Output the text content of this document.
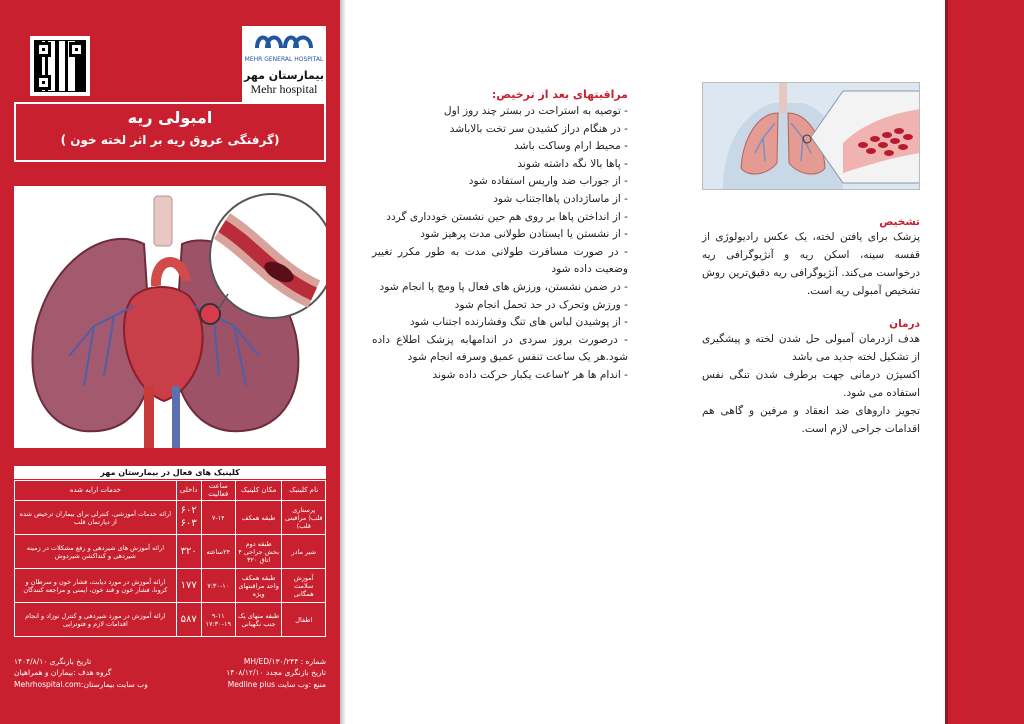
MEHR GENERAL HOSPITAL
بیمارستان مهر
Mehr hospital
امبولی ریه
(گرفتگی عروق ریه بر اثر لخته خون )
کلینیک های فعال در بیمارستان مهر
نام کلینیک	مکان کلینیک	ساعت فعالیت	داخلی	خدمات ارایه شده
پرستاری قلب( مراقبتی قلب)	طبقه همکف	۷-۱۴	۶۰۲ ۶۰۳	ارائه خدمات آموزشی، کنترلی برای بیماران ترخیص شده از دپارتمان قلب
شیر مادر	طبقه دوم بخش جراحی ۴ اتاق ۳۲۰	۲۴ساعته	۳۲۰	ارائه آموزش های شیردهی و رفع مشکلات در زمینه شیردهی و کنداکشن شیردوش
آموزش سلامت همگانی	طبقه همکف واحد مراقبتهای ویژه	۷:۳۰-۱۰	۱۷۷	ارائه آموزش در مورد دیابت، فشار خون و سرطان و کرونا، فشار خون و قند خون، ایمنی و مراجعه کنندگان
اطفال	طبقه منهای یک جنب نگهبانی	۹-۱۱ ۱۷:۳۰-۱۹	۵۸۷	ارائه آموزش در مورد شیردهی و کنترل نوزاد و انجام اقدامات لازم و فتوتراپی
شماره : MH/ED/۱۳۰/۲۴۴
تاریخ بازنگری ۱۴۰۴/۸/۱۰
تاریخ بازنگری مجدد ۱۴۰۸/۱۲/۱۰
گروه هدف :بیماران و همراهیان
منبع :وب سایت Medline plus
وب سایت بیمارستان:Mehrhospital.com
مراقبتهای بعد از ترخیص:
- توصیه به استراحت در بستر چند روز اول
- در هنگام دراز کشیدن سر تخت بالاباشد
- محیط ارام وساکت باشد
- پاها بالا نگه داشته شوند
- از جوراب ضد واریس استفاده شود
- از ماساژدادن پاهااجتناب شود
- از انداختن پاها بر روی هم حین نشستن خودداری گردد
- از نشستن یا ایستادن طولانی مدت پرهیز شود
- در صورت مسافرت طولانی مدت به طور مکرر تغییر وضعیت داده شود
- در ضمن نشستن، ورزش های فعال پا ومچ پا انجام شود
- ورزش وتحرک در حد تحمل انجام شود
- از پوشیدن لباس های تنگ وفشارنده اجتناب شود
- درصورت بروز سردی در اندامهابه پزشک اطلاع داده شود.هر یک ساعت تنفس عمیق وسرفه انجام شود
- اندام ها هر ۲ساعت یکبار حرکت داده شوند
تشخیص

پزشک برای یافتن لخته، یک عکس رادیولوژی از قفسه سینه، اسکن ریه و آنژیوگرافی ریه درخواست می‌کند. آنژیوگرافی ریه دقیق‌ترین روش تشخیص آمبولی ریه است.

درمان

هدف ازدرمان آمبولی حل شدن لخته و پیشگیری از تشکیل لخته جدید می باشد

اکسیژن درمانی جهت برطرف شدن تنگی نفس استفاده می شود.

تجویز داروهای ضد انعقاد و مرفین و گاهی هم اقدامات جراحی لازم است.
